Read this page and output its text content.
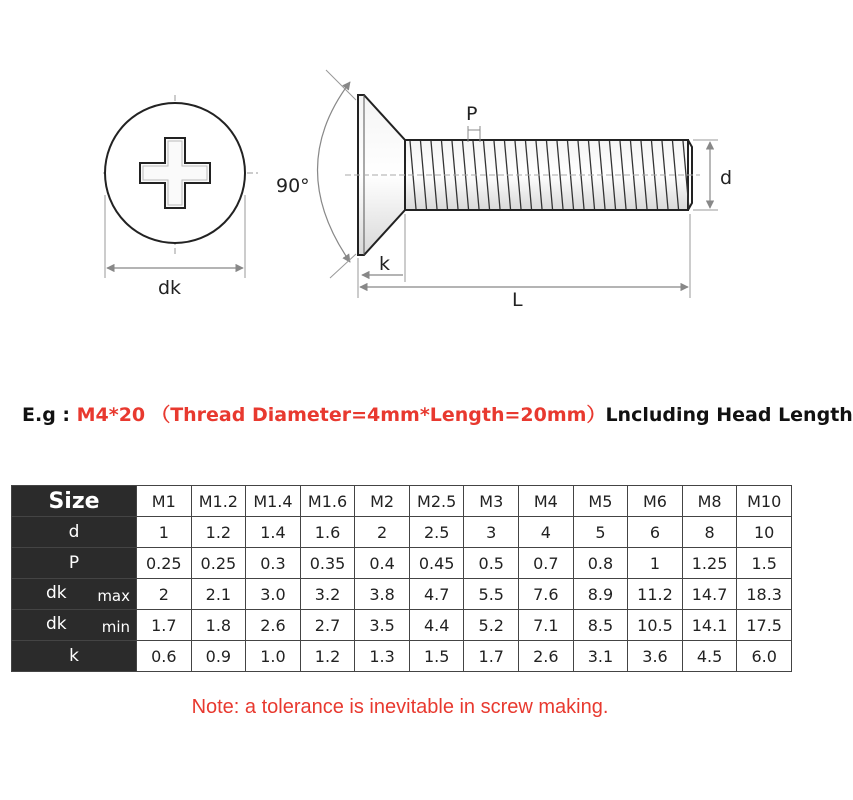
dk
90°
P
d
k
L
E.g : M4*20 （Thread Diameter=4mm*Length=20mm）Lncluding Head Length
Size	M1	M1.2	M1.4	M1.6	M2	M2.5	M3	M4	M5	M6	M8	M10
d	1	1.2	1.4	1.6	2	2.5	3	4	5	6	8	10
P	0.25	0.25	0.3	0.35	0.4	0.45	0.5	0.7	0.8	1	1.25	1.5

dk max	2	2.1	3.0	3.2	3.8	4.7	5.5	7.6	8.9	11.2	14.7	18.3

dk min	1.7	1.8	2.6	2.7	3.5	4.4	5.2	7.1	8.5	10.5	14.1	17.5
k	0.6	0.9	1.0	1.2	1.3	1.5	1.7	2.6	3.1	3.6	4.5	6.0
Note: a tolerance is inevitable in screw making.
